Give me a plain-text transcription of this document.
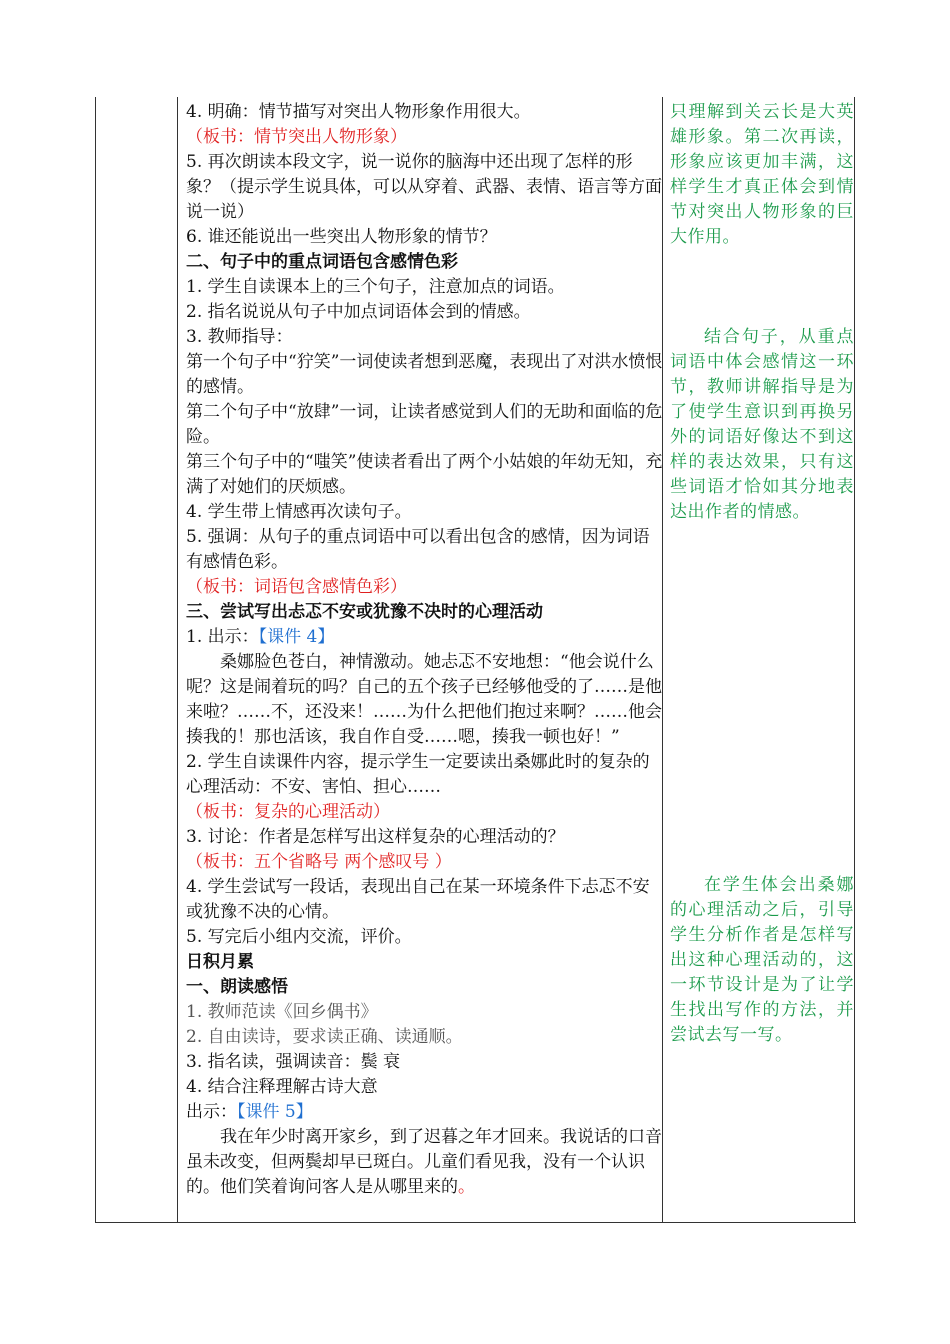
4. 明确：情节描写对突出人物形象作用很大。
（板书：情节突出人物形象）
5. 再次朗读本段文字，说一说你的脑海中还出现了怎样的形象？（提示学生说具体，可以从穿着、武器、表情、语言等方面说一说）
6. 谁还能说出一些突出人物形象的情节？
二、句子中的重点词语包含感情色彩
1. 学生自读课本上的三个句子，注意加点的词语。
2. 指名说说从句子中加点词语体会到的情感。
3. 教师指导：
第一个句子中“狞笑”一词使读者想到恶魔，表现出了对洪水愤恨的感情。
第二个句子中“放肆”一词，让读者感觉到人们的无助和面临的危险。
第三个句子中的“嗤笑”使读者看出了两个小姑娘的年幼无知，充满了对她们的厌烦感。
4. 学生带上情感再次读句子。
5. 强调：从句子的重点词语中可以看出包含的感情，因为词语有感情色彩。
（板书：词语包含感情色彩）
三、尝试写出忐忑不安或犹豫不决时的心理活动
1. 出示：【课件 4】
桑娜脸色苍白，神情激动。她忐忑不安地想：“他会说什么呢？这是闹着玩的吗？自己的五个孩子已经够他受的了……是他来啦？……不，还没来！……为什么把他们抱过来啊？……他会揍我的！那也活该，我自作自受……嗯，揍我一顿也好！”
2. 学生自读课件内容，提示学生一定要读出桑娜此时的复杂的心理活动：不安、害怕、担心……
（板书：复杂的心理活动）
3. 讨论：作者是怎样写出这样复杂的心理活动的？
（板书：五个省略号 两个感叹号 ）
4. 学生尝试写一段话，表现出自己在某一环境条件下忐忑不安或犹豫不决的心情。
5. 写完后小组内交流，评价。
日积月累
一、朗读感悟
1. 教师范读《回乡偶书》
2. 自由读诗，要求读正确、读通顺。
3. 指名读，强调读音：鬓 衰
4. 结合注释理解古诗大意
出示：【课件 5】
我在年少时离开家乡，到了迟暮之年才回来。我说话的口音虽未改变，但两鬓却早已斑白。儿童们看见我，没有一个认识的。他们笑着询问客人是从哪里来的。
只理解到关云长是大英雄形象。第二次再读，形象应该更加丰满，这样学生才真正体会到情节对突出人物形象的巨大作用。
结合句子，从重点词语中体会感情这一环节，教师讲解指导是为了使学生意识到再换另外的词语好像达不到这样的表达效果，只有这些词语才恰如其分地表达出作者的情感。
在学生体会出桑娜的心理活动之后，引导学生分析作者是怎样写出这种心理活动的，这一环节设计是为了让学生找出写作的方法，并尝试去写一写。
